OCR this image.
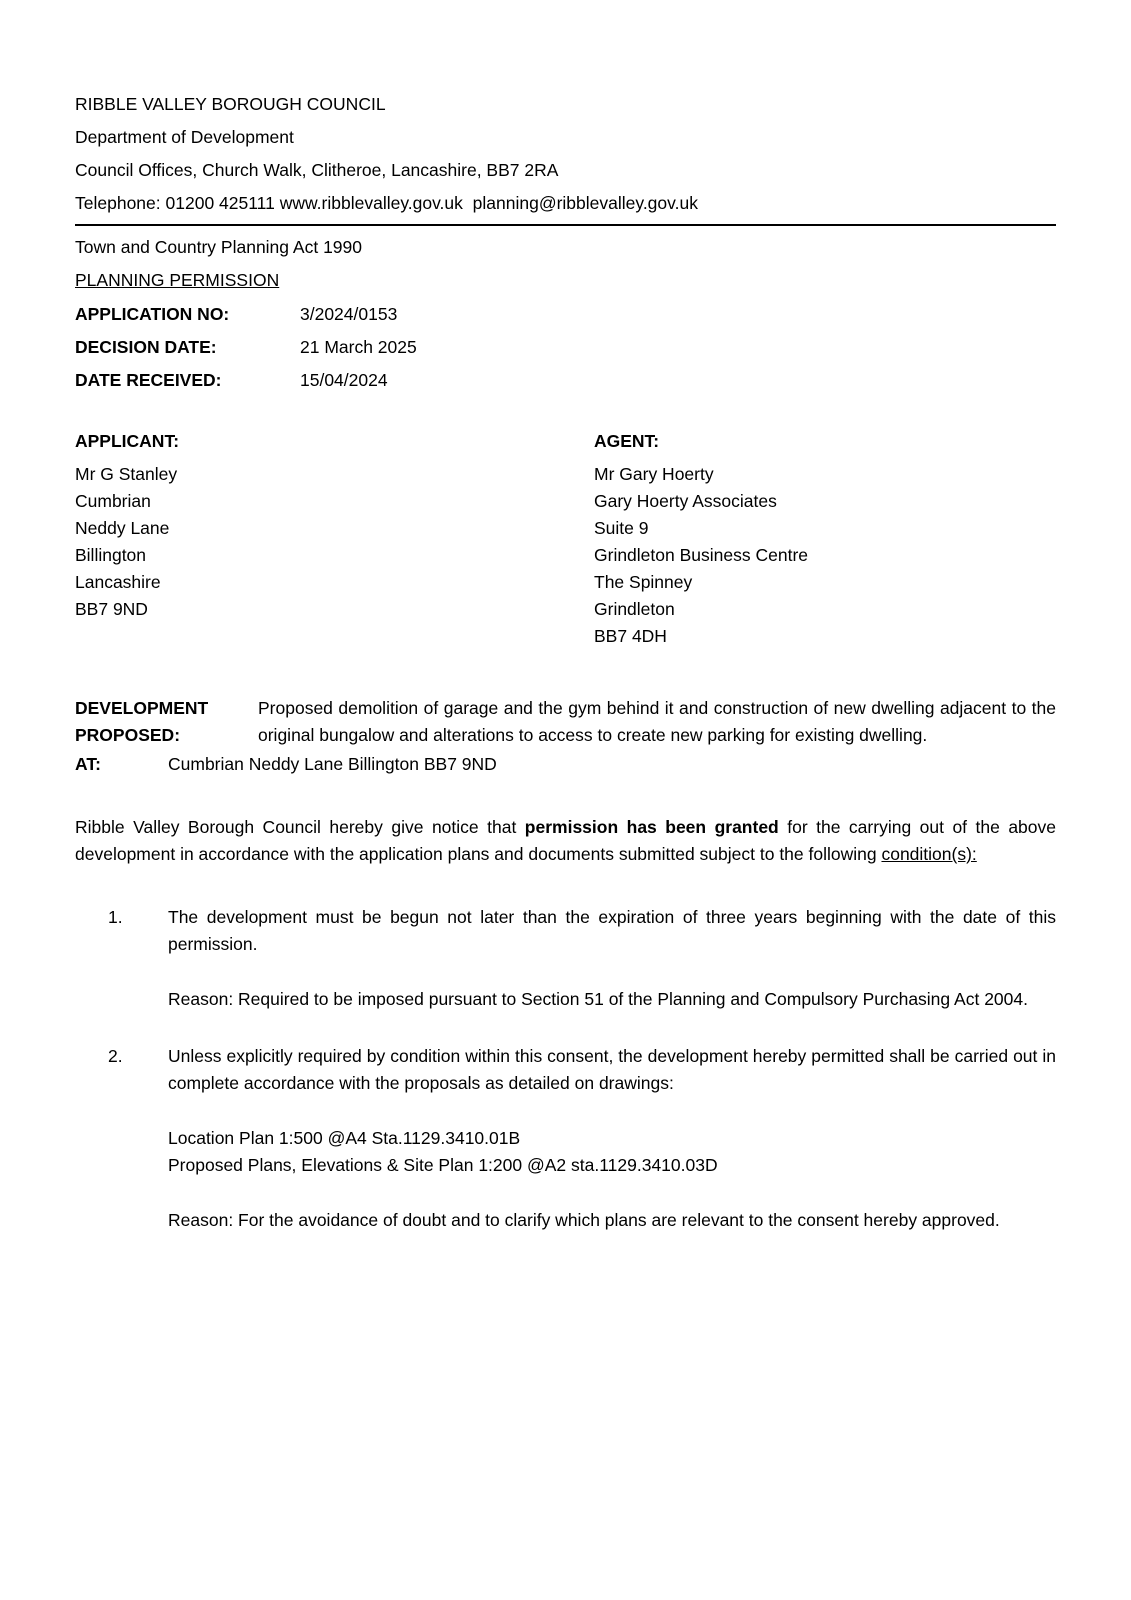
RIBBLE VALLEY BOROUGH COUNCIL

Department of Development

Council Offices, Church Walk, Clitheroe, Lancashire, BB7 2RA

Telephone: 01200 425111 www.ribblevalley.gov.uk planning@ribblevalley.gov.uk

Town and Country Planning Act 1990

PLANNING PERMISSION

APPLICATION NO:	3/2024/0153
DECISION DATE:	21 March 2025
DATE RECEIVED:	15/04/2024
APPLICANT:
Mr G Stanley
Cumbrian
Neddy Lane
Billington
Lancashire
BB7 9ND
AGENT:
Mr Gary Hoerty
Gary Hoerty Associates
Suite 9
Grindleton Business Centre
The Spinney
Grindleton
BB7 4DH
DEVELOPMENT PROPOSED:

Proposed demolition of garage and the gym behind it and construction of new dwelling adjacent to the original bungalow and alterations to access to create new parking for existing dwelling.

AT:	Cumbrian Neddy Lane Billington BB7 9ND

Ribble Valley Borough Council hereby give notice that permission has been granted for the carrying out of the above development in accordance with the application plans and documents submitted subject to the following condition(s):

1.	The development must be begun not later than the expiration of three years beginning with the date of this permission.

Reason: Required to be imposed pursuant to Section 51 of the Planning and Compulsory Purchasing Act 2004.

2.	Unless explicitly required by condition within this consent, the development hereby permitted shall be carried out in complete accordance with the proposals as detailed on drawings:

Location Plan 1:500 @A4 Sta.1129.3410.01B
Proposed Plans, Elevations & Site Plan 1:200 @A2 sta.1129.3410.03D

Reason: For the avoidance of doubt and to clarify which plans are relevant to the consent hereby approved.
